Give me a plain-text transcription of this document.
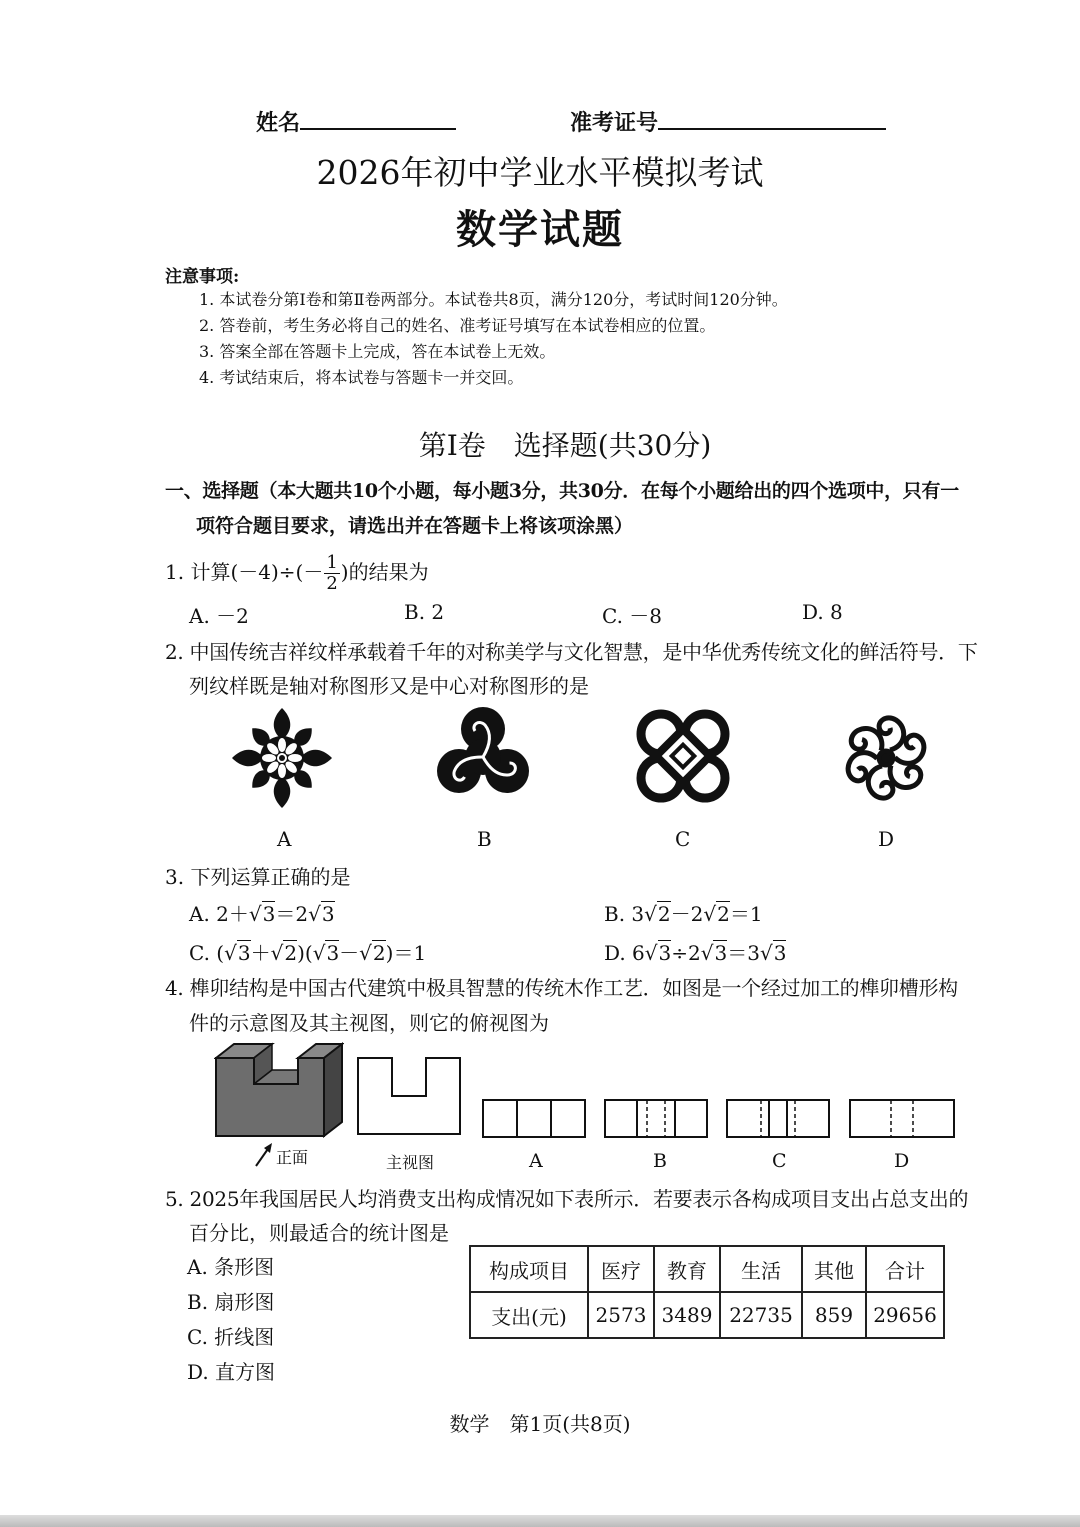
姓名	准考证号
2026年初中学业水平模拟考试
数学试题
注意事项:
1. 本试卷分第Ⅰ卷和第Ⅱ卷两部分。本试卷共8页，满分120分，考试时间120分钟。
2. 答卷前，考生务必将自己的姓名、准考证号填写在本试卷相应的位置。
3. 答案全部在答题卡上完成，答在本试卷上无效。
4. 考试结束后，将本试卷与答题卡一并交回。
第Ⅰ卷　选择题(共30分)
一、选择题（本大题共10个小题，每小题3分，共30分．在每个小题给出的四个选项中，只有一
项符合题目要求，请选出并在答题卡上将该项涂黑）
1. 计算$(-4)\div(- \frac{1}{2}$ )的结果为
A. －2	B. 2	C. －8	D. 8
2. 中国传统吉祥纹样承载着千年的对称美学与文化智慧，是中华优秀传统文化的鲜活符号．下
列纹样既是轴对称图形又是中心对称图形的是
A	B	C	D
3. 下列运算正确的是
A. 2＋√3＝2√3	B. 3√2－2√2＝1
C. (√3＋√2)(√3－√2)＝1	D. 6√3÷2√3＝3√3
4. 榫卯结构是中国古代建筑中极具智慧的传统木作工艺．如图是一个经过加工的榫卯槽形构
件的示意图及其主视图，则它的俯视图为
正面	主视图	A	B	C	D
5. 2025年我国居民人均消费支出构成情况如下表所示．若要表示各构成项目支出占总支出的
百分比，则最适合的统计图是
A. 条形图
B. 扇形图
C. 折线图
D. 直方图
构成项目	医疗	教育	生活	其他	合计
支出(元)	2573	3489	22735	859	29656
数学　第1页(共8页)
